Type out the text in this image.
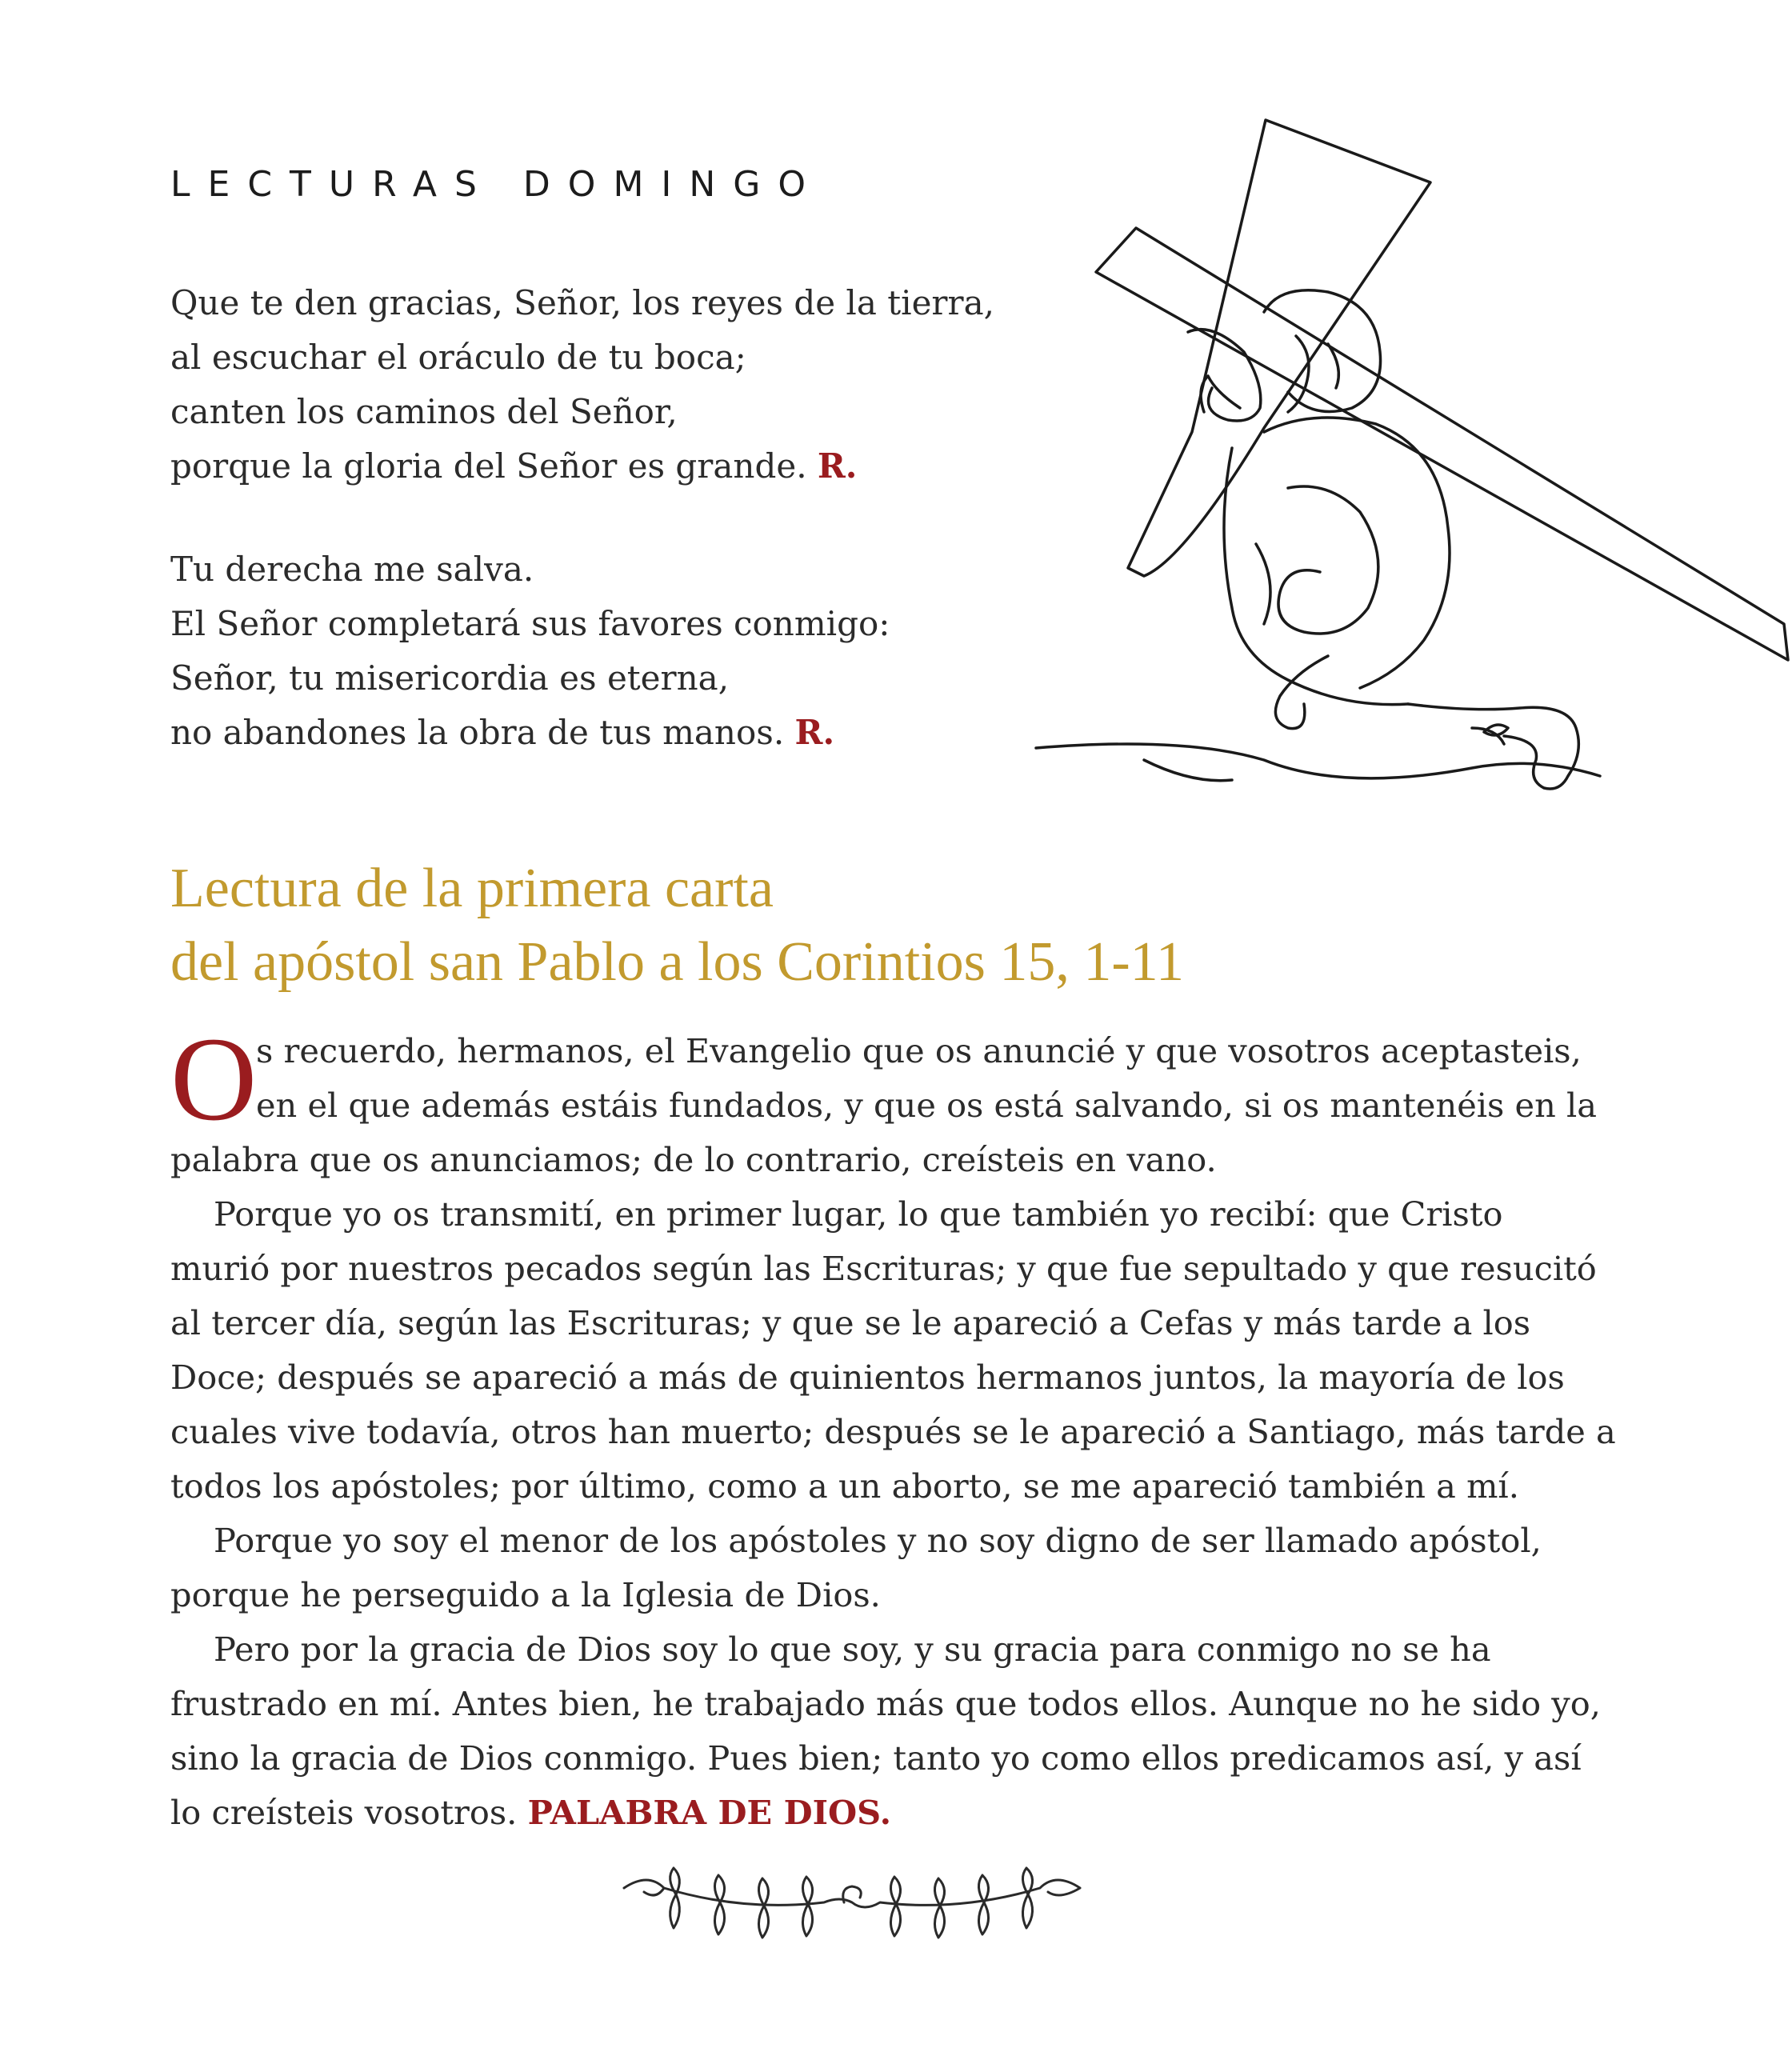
LECTURAS DOMINGO
Que te den gracias, Señor, los reyes de la tierra,
al escuchar el oráculo de tu boca;
canten los caminos del Señor,
porque la gloria del Señor es grande. R.
Tu derecha me salva.
El Señor completará sus favores conmigo:
Señor, tu misericordia es eterna,
no abandones la obra de tus manos. R.
Lectura de la primera carta
del apóstol san Pablo a los Corintios 15, 1-11
O
s recuerdo, hermanos, el Evangelio que os anuncié y que vosotros aceptasteis,
en el que además estáis fundados, y que os está salvando, si os mantenéis en la
palabra que os anunciamos; de lo contrario, creísteis en vano.
Porque yo os transmití, en primer lugar, lo que también yo recibí: que Cristo
murió por nuestros pecados según las Escrituras; y que fue sepultado y que resucitó
al tercer día, según las Escrituras; y que se le apareció a Cefas y más tarde a los
Doce; después se apareció a más de quinientos hermanos juntos, la mayoría de los
cuales vive todavía, otros han muerto; después se le apareció a Santiago, más tarde a
todos los apóstoles; por último, como a un aborto, se me apareció también a mí.
Porque yo soy el menor de los apóstoles y no soy digno de ser llamado apóstol,
porque he perseguido a la Iglesia de Dios.
Pero por la gracia de Dios soy lo que soy, y su gracia para conmigo no se ha
frustrado en mí. Antes bien, he trabajado más que todos ellos. Aunque no he sido yo,
sino la gracia de Dios conmigo. Pues bien; tanto yo como ellos predicamos así, y así
lo creísteis vosotros. PALABRA DE DIOS.
